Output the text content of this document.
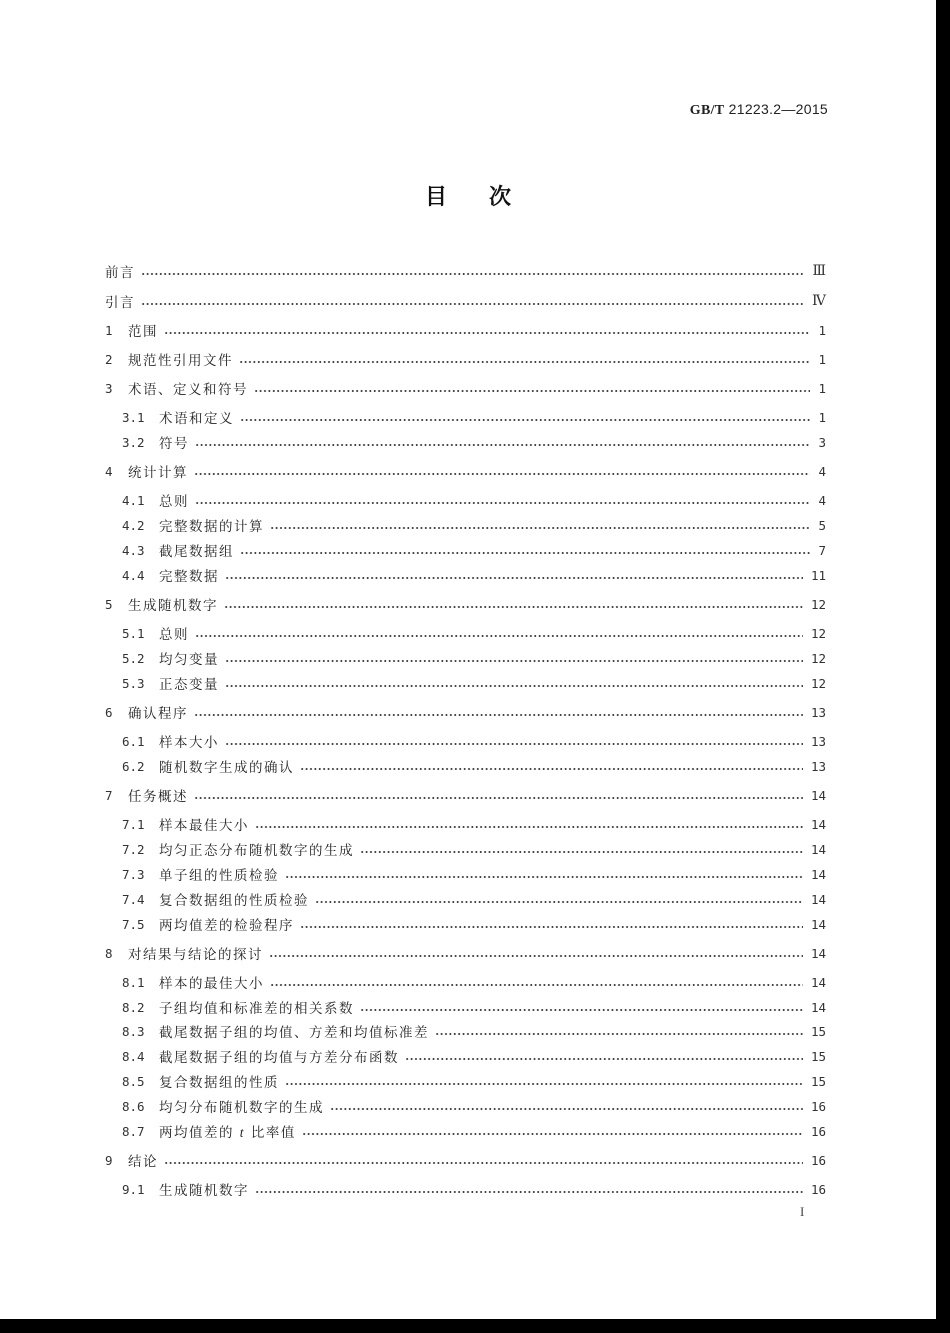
GB/T 21223.2—2015
目次
前言	Ⅲ
引言	Ⅳ
1	范围	1
2	规范性引用文件	1
3	术语、定义和符号	1
3.1	术语和定义	1
3.2	符号	3
4	统计计算	4
4.1	总则	4
4.2	完整数据的计算	5
4.3	截尾数据组	7
4.4	完整数据	11
5	生成随机数字	12
5.1	总则	12
5.2	均匀变量	12
5.3	正态变量	12
6	确认程序	13
6.1	样本大小	13
6.2	随机数字生成的确认	13
7	任务概述	14
7.1	样本最佳大小	14
7.2	均匀正态分布随机数字的生成	14
7.3	单子组的性质检验	14
7.4	复合数据组的性质检验	14
7.5	两均值差的检验程序	14
8	对结果与结论的探讨	14
8.1	样本的最佳大小	14
8.2	子组均值和标准差的相关系数	14
8.3	截尾数据子组的均值、方差和均值标准差	15
8.4	截尾数据子组的均值与方差分布函数	15
8.5	复合数据组的性质	15
8.6	均匀分布随机数字的生成	16
8.7	两均值差的 t 比率值	16
9	结论	16
9.1	生成随机数字	16
I
